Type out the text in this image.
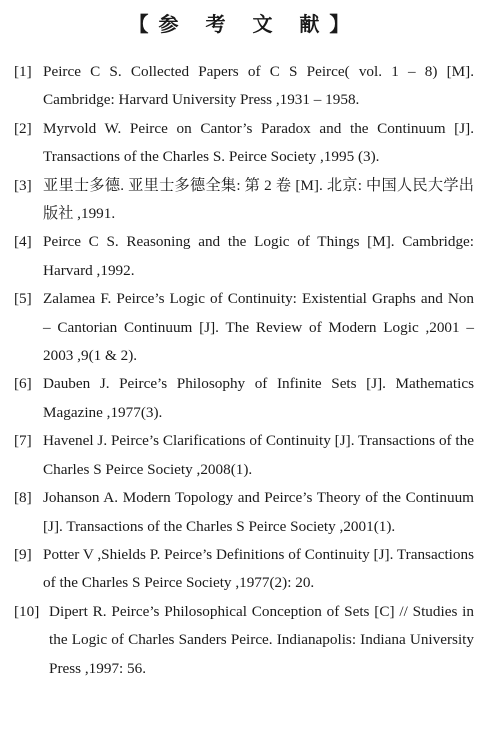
【参 考 文 献】
[1] Peirce C S. Collected Papers of C S Peirce( vol. 1 – 8) [M]. Cambridge: Harvard University Press ,1931 – 1958.
[2] Myrvold W. Peirce on Cantor’s Paradox and the Continuum [J]. Transactions of the Charles S. Peirce Society ,1995 (3).
[3] 亚里士多德. 亚里士多德全集: 第 2 卷 [M]. 北京: 中国人民大学出版社 ,1991.
[4] Peirce C S. Reasoning and the Logic of Things [M]. Cambridge: Harvard ,1992.
[5] Zalamea F. Peirce’s Logic of Continuity: Existential Graphs and Non – Cantorian Continuum [J]. The Review of Modern Logic ,2001 – 2003 ,9(1 & 2).
[6] Dauben J. Peirce’s Philosophy of Infinite Sets [J]. Mathematics Magazine ,1977(3).
[7] Havenel J. Peirce’s Clarifications of Continuity [J]. Transactions of the Charles S Peirce Society ,2008(1).
[8] Johanson A. Modern Topology and Peirce’s Theory of the Continuum [J]. Transactions of the Charles S Peirce Society ,2001(1).
[9] Potter V ,Shields P. Peirce’s Definitions of Continuity [J]. Transactions of the Charles S Peirce Society ,1977(2): 20.
[10] Dipert R. Peirce’s Philosophical Conception of Sets [C] // Studies in the Logic of Charles Sanders Peirce. Indianapolis: Indiana University Press ,1997: 56.
